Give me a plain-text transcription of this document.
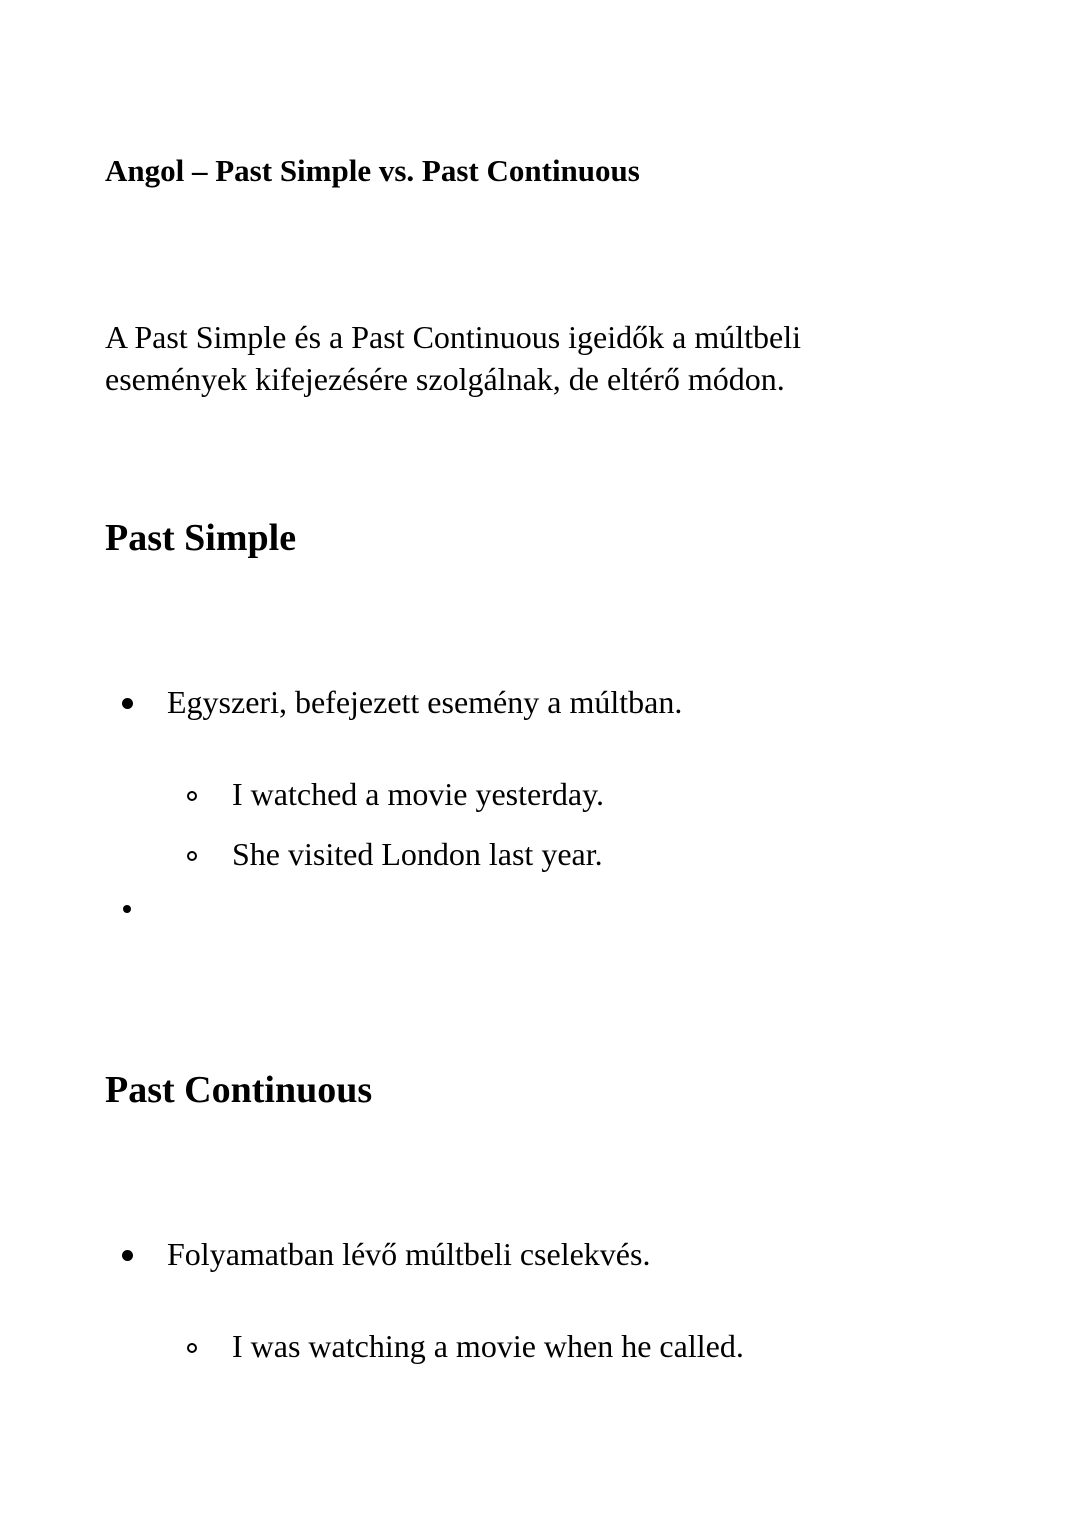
Angol – Past Simple vs. Past Continuous

A Past Simple és a Past Continuous igeidők a múltbeli események kifejezésére szolgálnak, de eltérő módon.

Past Simple
Egyszeri, befejezett esemény a múltban.
I watched a movie yesterday.
She visited London last year.
Past Continuous
Folyamatban lévő múltbeli cselekvés.
I was watching a movie when he called.
